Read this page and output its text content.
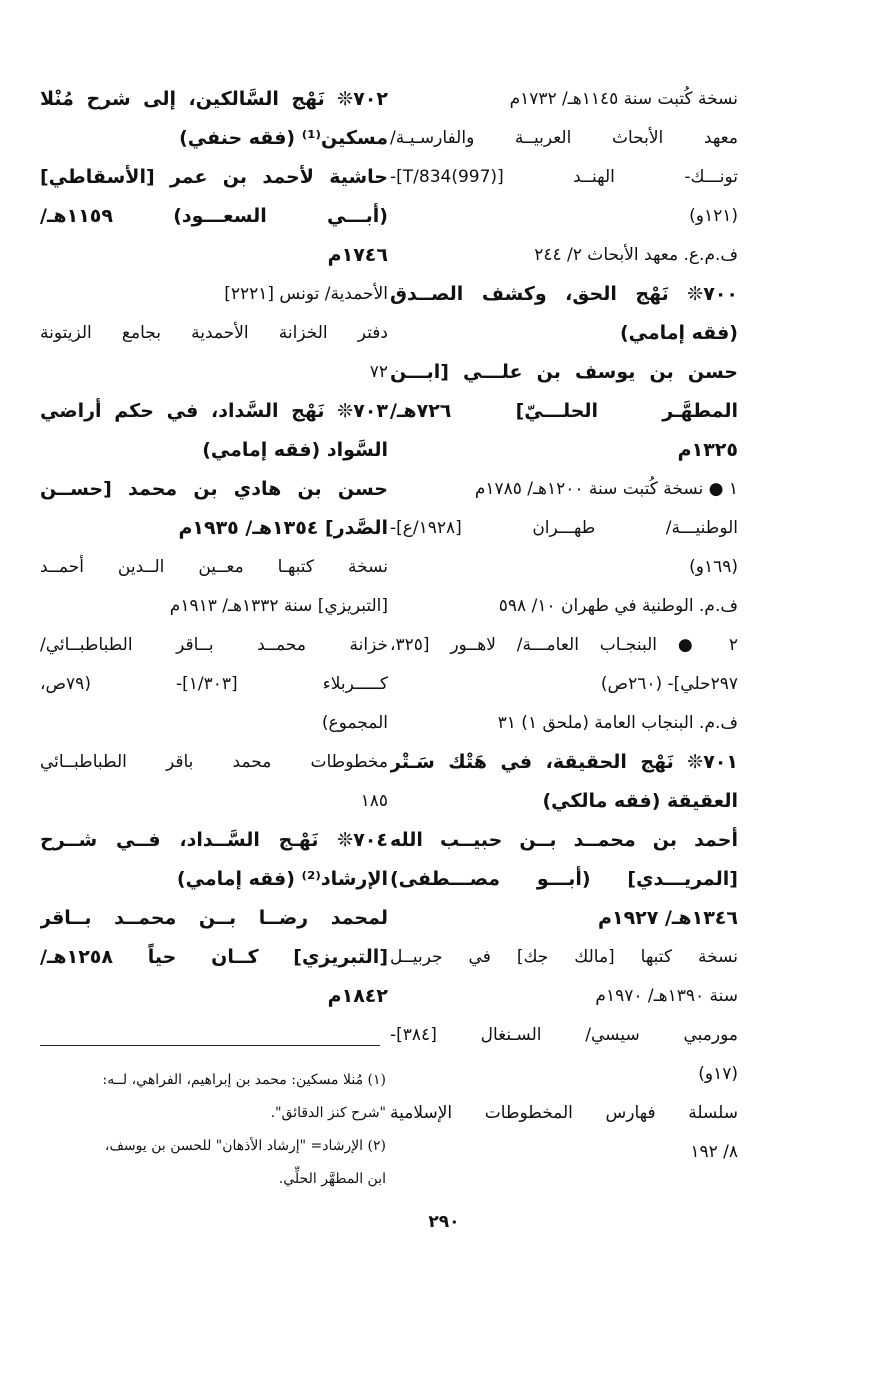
نسخة كُتبت سنة ١١٤٥هـ/ ١٧٣٢م
معهد الأبحاث العربيــة والفارسـيـة/
تونـــك- الهنــد [T/834(997)]-
(١٢١و)
ف.م.ع. معهد الأبحاث ٢/ ٢٤٤
٧٠٠❊ نَهْج الحق، وكشف الصــدق
(فقه إمامي)
حسن بن يوسف بن علـــي [ابـــن
المطهَّـر الحلـــيّ] ٧٢٦هـ/
١٣٢٥م
١ ● نسخة كُتبت سنة ١٢٠٠هـ/ ١٧٨٥م
الوطنيـــة/ طهـــران [١٩٢٨/ع]-
(١٦٩و)
ف.م. الوطنية في طهران ١٠/ ٥٩٨
٢ ● البنجـاب العامـــة/ لاهــور [٣٢٥،
٢٩٧حلي]- (٢٦٠ص)
ف.م. البنجاب العامة (ملحق ١) ٣١
٧٠١❊ نَهْج الحقيقة، في هَتْك سَـتْر
العقيقة (فقه مالكي)
أحمد بن محمــد بــن حبيــب الله
[المريـــدي] (أبـــو مصـــطفى)
١٣٤٦هـ/ ١٩٢٧م
نسخة كتبها [مالك جك] في جربيــل
سنة ١٣٩٠هـ/ ١٩٧٠م
مورمبي سيسي/ السـنغال [٣٨٤]-
(١٧و)
سلسلة فهارس المخطوطات الإسلامية
٨/ ١٩٢
٧٠٢❊ نَهْج السَّالكين، إلى شرح مُنْلا
مسكين⁽¹⁾ (فقه حنفي)
حاشية لأحمد بن عمر [الأسقاطي]
(أبـــي السعـــود) ١١٥٩هـ/
١٧٤٦م
الأحمدية/ تونس [٢٢٢١]
دفتر الخزانة الأحمدية بجامع الزيتونة
٧٢
٧٠٣❊ نَهْج السَّداد، في حكم أراضي
السَّواد (فقه إمامي)
حسن بن هادي بن محمد [حســن
الصَّدر] ١٣٥٤هـ/ ١٩٣٥م
نسخة كتبهـا معــين الــدين أحمــد
[التبريزي] سنة ١٣٣٢هـ/ ١٩١٣م
خزانة محمــد بــاقر الطباطبــائي/
كـــــربلاء [١/٣٠٣]- (٧٩ص،
المجموع)
مخطوطات محمد باقر الطباطبــائي
١٨٥
٧٠٤❊ نَهْـج السَّــداد، فــي شــرح
الإرشاد⁽²⁾ (فقه إمامي)
لمحمد رضــا بــن محمــد بــاقر
[التبريزي] كــان حياً ١٢٥٨هـ/
١٨٤٢م
(١) مُنلا مسكين: محمد بن إبراهيم، الفراهي، لــه:
"شرح كنز الدقائق".
(٢) الإرشاد= "إرشاد الأذهان" للحسن بن يوسف،
ابن المطهَّر الحلِّي.
٢٩٠
